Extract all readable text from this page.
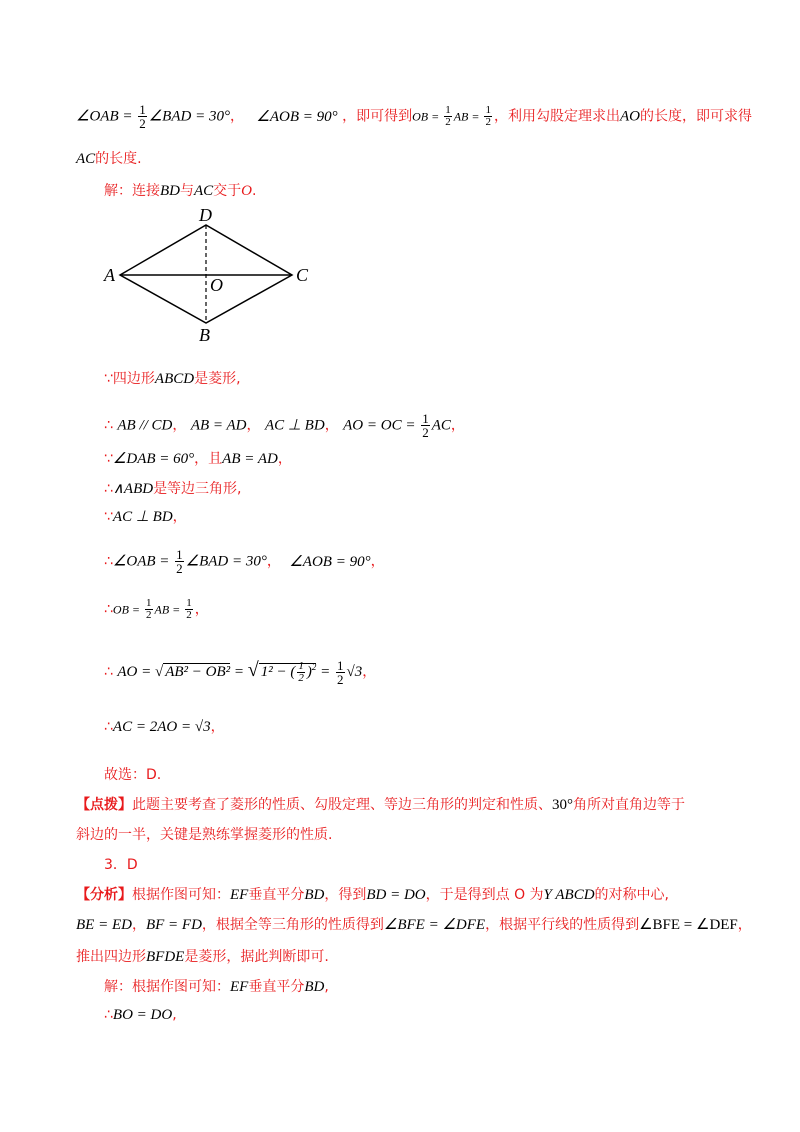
∠OAB = $\frac{1}{2}$ ∠BAD = 30°， ∠AOB = 90° ，即可得到OB = $\frac{1}{2}$ AB = $\frac{1}{2}$ ，利用勾股定理求出AO的长度，即可求得
AC的长度.
解：连接BD与AC交于O.
A
D
C
O
B
∵四边形ABCD是菱形,
∴ AB // CD， AB = AD， AC ⊥ BD， AO = OC = $\frac{1}{2}$ AC，
∵∠DAB = 60°，且AB = AD，
∴∧ABD是等边三角形,
∵AC ⊥ BD，
∴∠OAB = $\frac{1}{2}$ ∠BAD = 30°， ∠AOB = 90°，
∴OB = $\frac{1}{2}$ AB = $\frac{1}{2}$ ，
∴ AO = √ AB² − OB² = √ 1² − ( $\frac{1}{2} )^2 = \frac{1}{2} √3$，
∴AC = 2AO = √3，
故选：D.
【点拨】此题主要考查了菱形的性质、勾股定理、等边三角形的判定和性质、30°角所对直角边等于
斜边的一半，关键是熟练掌握菱形的性质.
3．D
【分析】根据作图可知：EF垂直平分BD，得到BD = DO，于是得到点 O 为Y ABCD的对称中心,
BE = ED，BF = FD，根据全等三角形的性质得到∠BFE = ∠DFE，根据平行线的性质得到∠BFE = ∠DEF，
推出四边形BFDE是菱形，据此判断即可.
解：根据作图可知：EF垂直平分BD,
∴BO = DO,
